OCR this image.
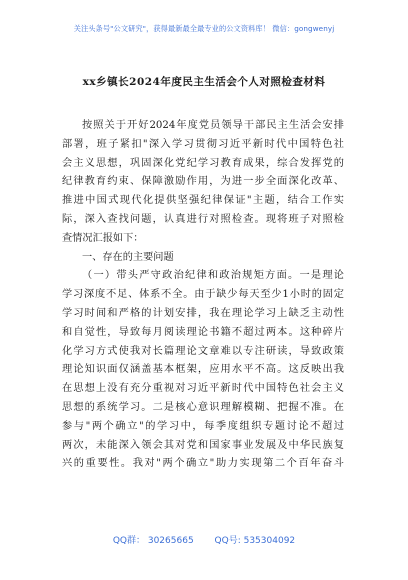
关注头条号"公文研究"，获得最新最全最专业的公文资料库！ 微信：gongwenyj
xx乡镇长2024年度民主生活会个人对照检查材料
按照关于开好2024年度党员领导干部民主生活会安排
部署，班子紧扣"深入学习贯彻习近平新时代中国特色社
会主义思想，巩固深化党纪学习教育成果，综合发挥党的
纪律教育约束、保障激励作用，为进一步全面深化改革、
推进中国式现代化提供坚强纪律保证"主题，结合工作实
际，深入查找问题，认真进行对照检查。现将班子对照检
查情况汇报如下：
一、存在的主要问题
（一）带头严守政治纪律和政治规矩方面。一是理论
学习深度不足、体系不全。由于缺少每天至少1小时的固定
学习时间和严格的计划安排，我在理论学习上缺乏主动性
和自觉性，导致每月阅读理论书籍不超过两本。这种碎片
化学习方式使我对长篇理论文章难以专注研读，导致政策
理论知识面仅涵盖基本框架，应用水平不高。这反映出我
在思想上没有充分重视对习近平新时代中国特色社会主义
思想的系统学习。二是核心意识理解模糊、把握不准。在
参与"两个确立"的学习中，每季度组织专题讨论不超过
两次，未能深入领会其对党和国家事业发展及中华民族复
兴的重要性。我对"两个确立"助力实现第二个百年奋斗
QQ群： 30265665 QQ号: 535304092
